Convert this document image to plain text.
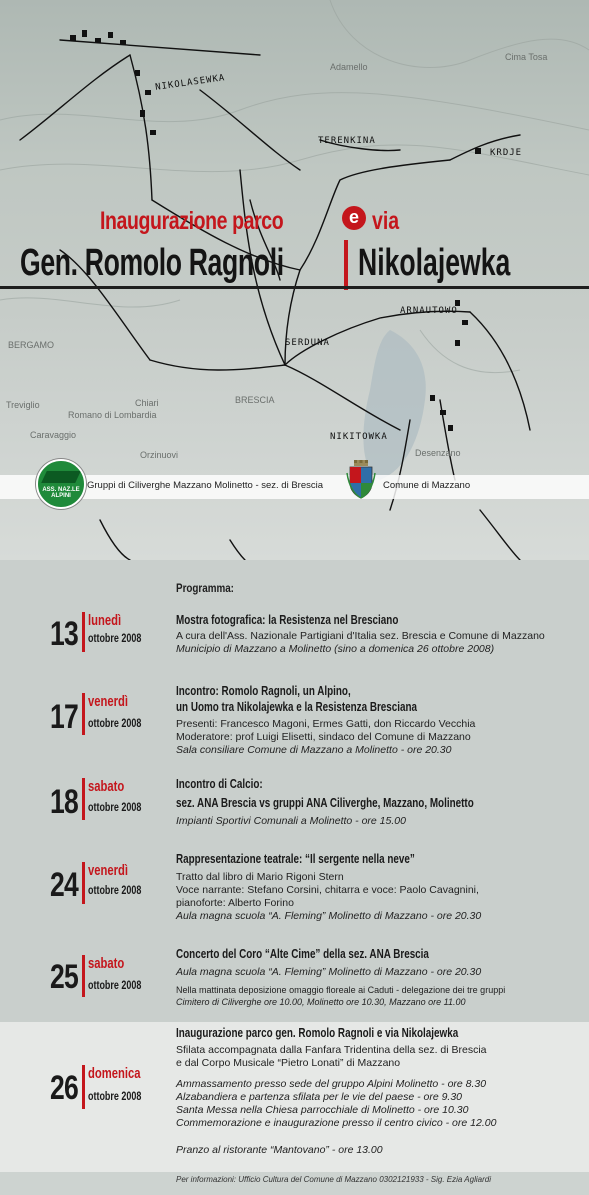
NIKOLASEWKA
TERENKINA
ARNAUTOWO
SERDUNA
NIKITOWKA
KRDJE
Adamello
Cima Tosa
BERGAMO
BRESCIA
Romano di Lombardia
Chiari
Orzinuovi
Caravaggio
Treviglio
Desenzano
Inaugurazione parco	e via
Gen. Romolo Ragnoli Nikolajewka
ASS. NAZ.LE ALPINI
Gruppi di Ciliverghe Mazzano Molinetto - sez. di Brescia	Comune di Mazzano
Programma:
13 lunedì
ottobre 2008
Mostra fotografica: la Resistenza nel Bresciano
A cura dell'Ass. Nazionale Partigiani d'Italia sez. Brescia e Comune di Mazzano
Municipio di Mazzano a Molinetto (sino a domenica 26 ottobre 2008)
17 venerdì
ottobre 2008
Incontro: Romolo Ragnoli, un Alpino,
un Uomo tra Nikolajewka e la Resistenza Bresciana
Presenti: Francesco Magoni, Ermes Gatti, don Riccardo Vecchia
Moderatore: prof Luigi Elisetti, sindaco del Comune di Mazzano
Sala consiliare Comune di Mazzano a Molinetto - ore 20.30
18 sabato
ottobre 2008
Incontro di Calcio:
sez. ANA Brescia vs gruppi ANA Ciliverghe, Mazzano, Molinetto
Impianti Sportivi Comunali a Molinetto - ore 15.00
24 venerdì
ottobre 2008
Rappresentazione teatrale: “Il sergente nella neve”
Tratto dal libro di Mario Rigoni Stern
Voce narrante: Stefano Corsini, chitarra e voce: Paolo Cavagnini,
pianoforte: Alberto Forino
Aula magna scuola “A. Fleming” Molinetto di Mazzano - ore 20.30
25 sabato
ottobre 2008
Concerto del Coro “Alte Cime” della sez. ANA Brescia
Aula magna scuola “A. Fleming” Molinetto di Mazzano - ore 20.30
Nella mattinata deposizione omaggio floreale ai Caduti - delegazione dei tre gruppi
Cimitero di Ciliverghe ore 10.00, Molinetto ore 10.30, Mazzano ore 11.00
26 domenica
ottobre 2008
Inaugurazione parco gen. Romolo Ragnoli e via Nikolajewka
Sfilata accompagnata dalla Fanfara Tridentina della sez. di Brescia
e dal Corpo Musicale “Pietro Lonati” di Mazzano
Ammassamento presso sede del gruppo Alpini Molinetto - ore 8.30
Alzabandiera e partenza sfilata per le vie del paese - ore 9.30
Santa Messa nella Chiesa parrocchiale di Molinetto - ore 10.30
Commemorazione e inaugurazione presso il centro civico - ore 12.00
Pranzo al ristorante “Mantovano” - ore 13.00
Per informazioni: Ufficio Cultura del Comune di Mazzano 0302121933 - Sig. Ezia Agliardi
